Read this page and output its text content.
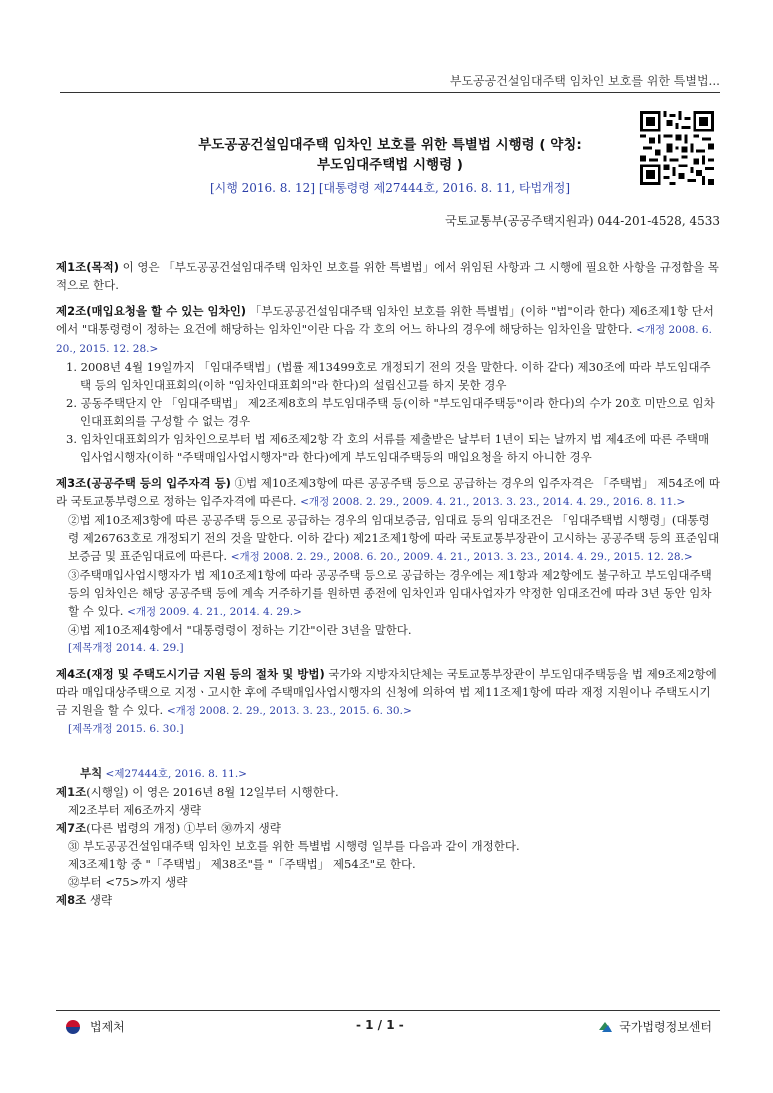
부도공공건설임대주택 임차인 보호를 위한 특별법...
부도공공건설임대주택 임차인 보호를 위한 특별법 시행령 ( 약칭:
부도임대주택법 시행령 )
[시행 2016. 8. 12] [대통령령 제27444호, 2016. 8. 11, 타법개정]
국토교통부(공공주택지원과) 044-201-4528, 4533
제1조(목적) 이 영은 「부도공공건설임대주택 임차인 보호를 위한 특별법」에서 위임된 사항과 그 시행에 필요한 사항을 규정함을 목적으로 한다.
제2조(매입요청을 할 수 있는 임차인) 「부도공공건설임대주택 임차인 보호를 위한 특별법」(이하 "법"이라 한다) 제6조제1항 단서에서 "대통령령이 정하는 요건에 해당하는 임차인"이란 다음 각 호의 어느 하나의 경우에 해당하는 임차인을 말한다. <개정 2008. 6. 20., 2015. 12. 28.>
1. 2008년 4월 19일까지 「임대주택법」(법률 제13499호로 개정되기 전의 것을 말한다. 이하 같다) 제30조에 따라 부도임대주택 등의 임차인대표회의(이하 "임차인대표회의"라 한다)의 설립신고를 하지 못한 경우
2. 공동주택단지 안 「임대주택법」 제2조제8호의 부도임대주택 등(이하 "부도임대주택등"이라 한다)의 수가 20호 미만으로 임차인대표회의를 구성할 수 없는 경우
3. 임차인대표회의가 임차인으로부터 법 제6조제2항 각 호의 서류를 제출받은 날부터 1년이 되는 날까지 법 제4조에 따른 주택매입사업시행자(이하 "주택매입사업시행자"라 한다)에게 부도임대주택등의 매입요청을 하지 아니한 경우
제3조(공공주택 등의 입주자격 등) ①법 제10조제3항에 따른 공공주택 등으로 공급하는 경우의 입주자격은 「주택법」 제54조에 따라 국토교통부령으로 정하는 입주자격에 따른다. <개정 2008. 2. 29., 2009. 4. 21., 2013. 3. 23., 2014. 4. 29., 2016. 8. 11.>
②법 제10조제3항에 따른 공공주택 등으로 공급하는 경우의 임대보증금, 임대료 등의 임대조건은 「임대주택법 시행령」(대통령령 제26763호로 개정되기 전의 것을 말한다. 이하 같다) 제21조제1항에 따라 국토교통부장관이 고시하는 공공주택 등의 표준임대보증금 및 표준임대료에 따른다. <개정 2008. 2. 29., 2008. 6. 20., 2009. 4. 21., 2013. 3. 23., 2014. 4. 29., 2015. 12. 28.>
③주택매입사업시행자가 법 제10조제1항에 따라 공공주택 등으로 공급하는 경우에는 제1항과 제2항에도 불구하고 부도임대주택등의 임차인은 해당 공공주택 등에 계속 거주하기를 원하면 종전에 임차인과 임대사업자가 약정한 임대조건에 따라 3년 동안 임차할 수 있다. <개정 2009. 4. 21., 2014. 4. 29.>
④법 제10조제4항에서 "대통령령이 정하는 기간"이란 3년을 말한다.
[제목개정 2014. 4. 29.]
제4조(재정 및 주택도시기금 지원 등의 절차 및 방법) 국가와 지방자치단체는 국토교통부장관이 부도임대주택등을 법 제9조제2항에 따라 매입대상주택으로 지정ㆍ고시한 후에 주택매입사업시행자의 신청에 의하여 법 제11조제1항에 따라 재정 지원이나 주택도시기금 지원을 할 수 있다. <개정 2008. 2. 29., 2013. 3. 23., 2015. 6. 30.>
[제목개정 2015. 6. 30.]
부칙 <제27444호, 2016. 8. 11.>
제1조(시행일) 이 영은 2016년 8월 12일부터 시행한다.
제2조부터 제6조까지 생략
제7조(다른 법령의 개정) ①부터 ㉚까지 생략
㉛ 부도공공건설임대주택 임차인 보호를 위한 특별법 시행령 일부를 다음과 같이 개정한다.
제3조제1항 중 "「주택법」 제38조"를 "「주택법」 제54조"로 한다.
㉜부터 <75>까지 생략
제8조 생략
법제처	- 1 / 1 -	국가법령정보센터
